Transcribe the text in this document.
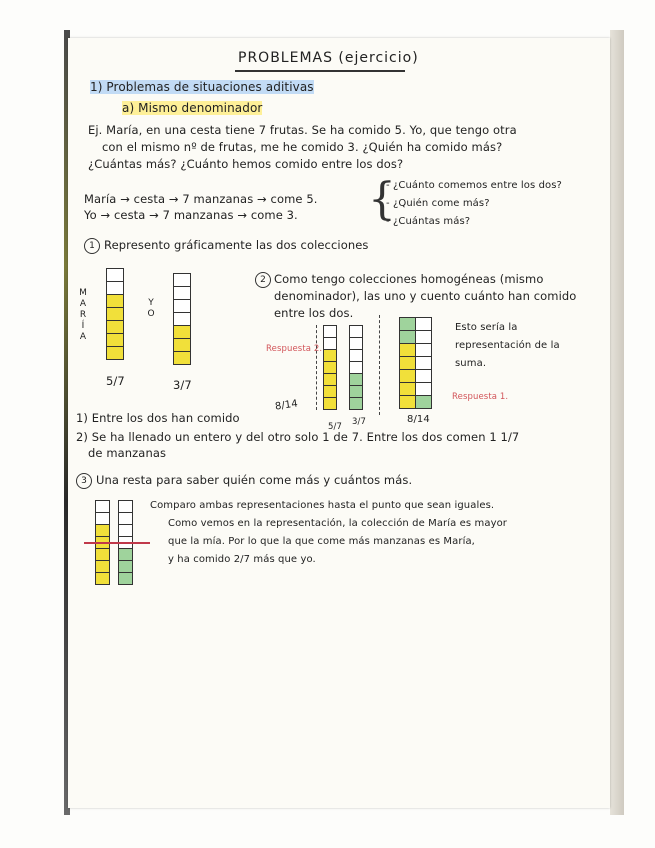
PROBLEMAS (ejercicio)
1) Problemas de situaciones aditivas
a) Mismo denominador
Ej. María, en una cesta tiene 7 frutas. Se ha comido 5. Yo, que tengo otra
con el mismo nº de frutas, me he comido 3. ¿Quién ha comido más?
¿Cuántas más? ¿Cuánto hemos comido entre los dos?
María → cesta → 7 manzanas → come 5.
Yo → cesta → 7 manzanas → come 3. {
- ¿Cuánto comemos entre los dos?
- ¿Quién come más?
- ¿Cuántas más?
1 Represento gráficamente las dos colecciones
M
A
R
Í
A
Y
O
5/7	3/7
2 Como tengo colecciones homogéneas (mismo
denominador), las uno y cuento cuánto han comido
entre los dos.
Respuesta 2.
5/7 3/7
8/14
8/14
Esto sería la
representación de la
suma.
Respuesta 1.
1) Entre los dos han comido
2) Se ha llenado un entero y del otro solo 1 de 7. Entre los dos comen 1 1/7
de manzanas
3 Una resta para saber quién come más y cuántos más.
Comparo ambas representaciones hasta el punto que sean iguales.
Como vemos en la representación, la colección de María es mayor
que la mía. Por lo que la que come más manzanas es María,
y ha comido 2/7 más que yo.
